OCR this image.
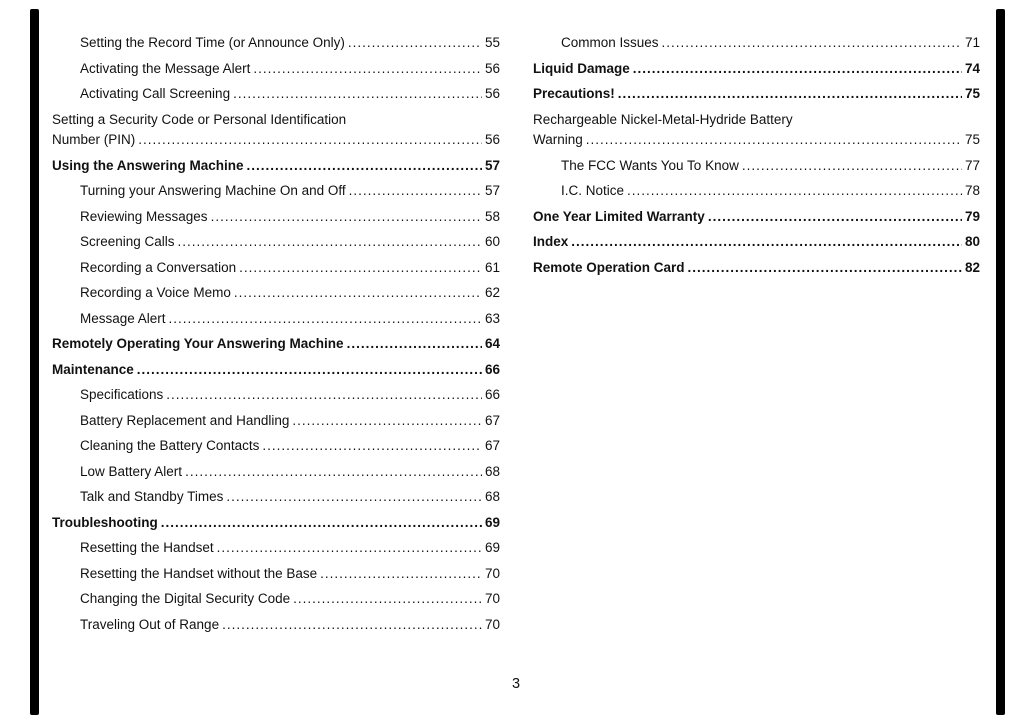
Setting the Record Time (or Announce Only) .....	55
Activating the Message Alert .....	56
Activating Call Screening .....	56
Setting a Security Code or Personal Identification
Number (PIN) .....	56
Using the Answering Machine .....	57
Turning your Answering Machine On and Off .....	57
Reviewing Messages .....	58
Screening Calls .....	60
Recording a Conversation .....	61
Recording a Voice Memo .....	62
Message Alert .....	63
Remotely Operating Your Answering Machine .....	64
Maintenance .....	66
Specifications .....	66
Battery Replacement and Handling .....	67
Cleaning the Battery Contacts .....	67
Low Battery Alert .....	68
Talk and Standby Times .....	68
Troubleshooting .....	69
Resetting the Handset .....	69
Resetting the Handset without the Base .....	70
Changing the Digital Security Code .....	70
Traveling Out of Range .....	70
Common Issues .....	71
Liquid Damage .....	74
Precautions! .....	75
Rechargeable Nickel-Metal-Hydride Battery
Warning .....	75
The FCC Wants You To Know .....	77
I.C. Notice .....	78
One Year Limited Warranty .....	79
Index .....	80
Remote Operation Card .....	82
3
